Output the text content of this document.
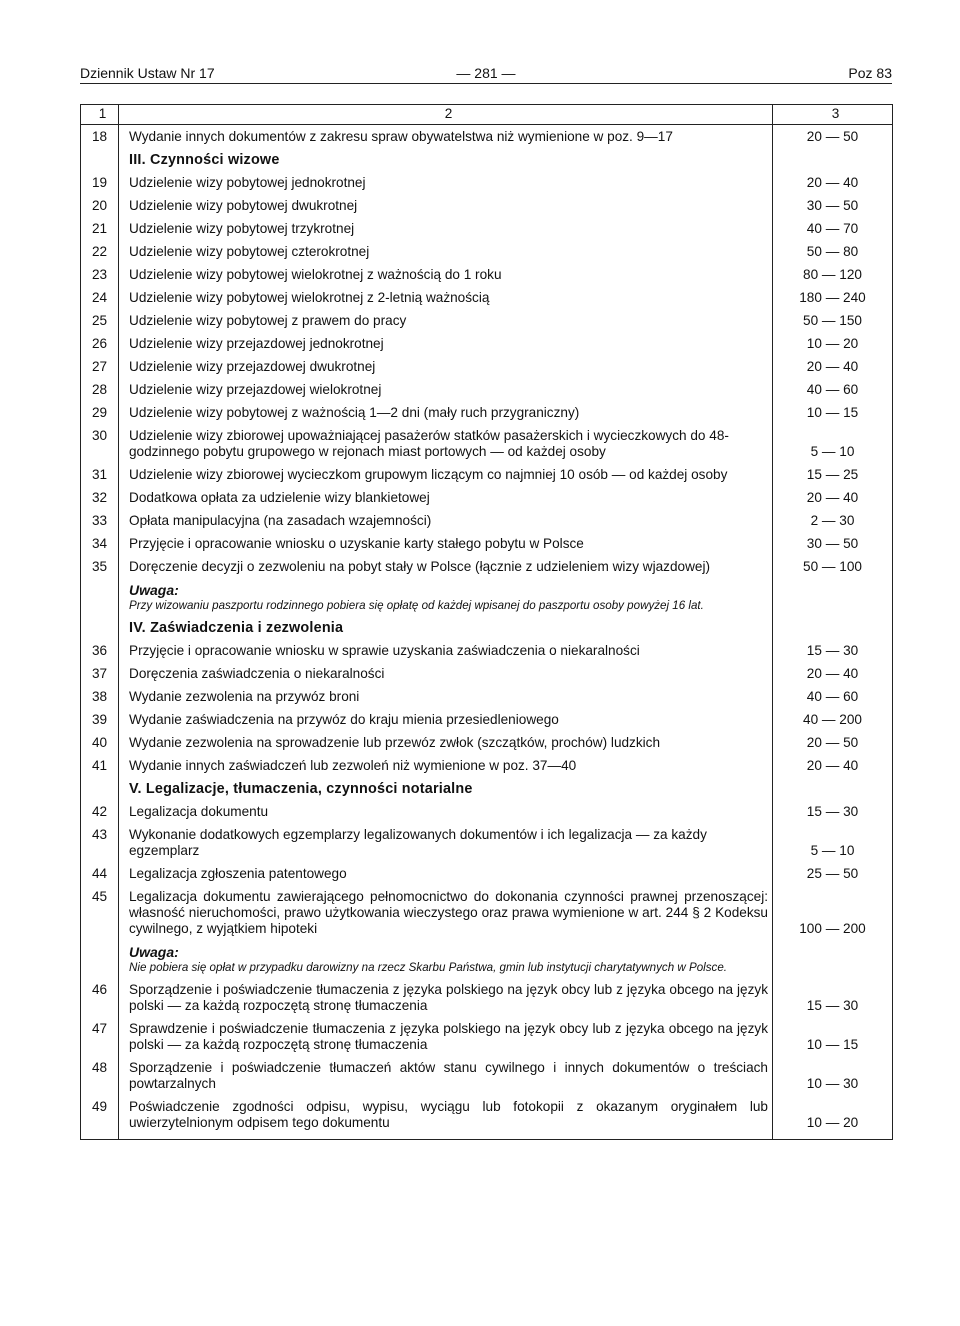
Dziennik Ustaw Nr 17	— 281 —	Poz 83
1	2	3
18	Wydanie innych dokumentów z zakresu spraw obywatelstwa niż wymienione w poz. 9—17	20 — 50
	III. Czynności wizowe	
19	Udzielenie wizy pobytowej jednokrotnej	20 — 40
20	Udzielenie wizy pobytowej dwukrotnej	30 — 50
21	Udzielenie wizy pobytowej trzykrotnej	40 — 70
22	Udzielenie wizy pobytowej czterokrotnej	50 — 80
23	Udzielenie wizy pobytowej wielokrotnej z ważnością do 1 roku	80 — 120
24	Udzielenie wizy pobytowej wielokrotnej z 2-letnią ważnością	180 — 240
25	Udzielenie wizy pobytowej z prawem do pracy	50 — 150
26	Udzielenie wizy przejazdowej jednokrotnej	10 — 20
27	Udzielenie wizy przejazdowej dwukrotnej	20 — 40
28	Udzielenie wizy przejazdowej wielokrotnej	40 — 60
29	Udzielenie wizy pobytowej z ważnością 1—2 dni (mały ruch przygraniczny)	10 — 15
30	Udzielenie wizy zbiorowej upoważniającej pasażerów statków pasażerskich i wycieczkowych do 48-godzinnego pobytu grupowego w rejonach miast portowych — od każdej osoby	5 — 10
31	Udzielenie wizy zbiorowej wycieczkom grupowym liczącym co najmniej 10 osób — od każdej osoby	15 — 25
32	Dodatkowa opłata za udzielenie wizy blankietowej	20 — 40
33	Opłata manipulacyjna (na zasadach wzajemności)	2 — 30
34	Przyjęcie i opracowanie wniosku o uzyskanie karty stałego pobytu w Polsce	30 — 50
35	Doręczenie decyzji o zezwoleniu na pobyt stały w Polsce (łącznie z udzieleniem wizy wjazdowej)	50 — 100

	Uwaga:
Przy wizowaniu paszportu rodzinnego pobiera się opłatę od każdej wpisanej do paszportu osoby powyżej 16 lat.	

	IV. Zaświadczenia i zezwolenia	
36	Przyjęcie i opracowanie wniosku w sprawie uzyskania zaświadczenia o niekaralności	15 — 30
37	Doręczenia zaświadczenia o niekaralności	20 — 40
38	Wydanie zezwolenia na przywóz broni	40 — 60
39	Wydanie zaświadczenia na przywóz do kraju mienia przesiedleniowego	40 — 200
40	Wydanie zezwolenia na sprowadzenie lub przewóz zwłok (szczątków, prochów) ludzkich	20 — 50
41	Wydanie innych zaświadczeń lub zezwoleń niż wymienione w poz. 37—40	20 — 40
	V. Legalizacje, tłumaczenia, czynności notarialne	
42	Legalizacja dokumentu	15 — 30
43	Wykonanie dodatkowych egzemplarzy legalizowanych dokumentów i ich legalizacja — za każdy egzemplarz	5 — 10
44	Legalizacja zgłoszenia patentowego	25 — 50
45	Legalizacja dokumentu zawierającego pełnomocnictwo do dokonania czynności prawnej przenoszącej: własność nieruchomości, prawo użytkowania wieczystego oraz prawa wymienione w art. 244 § 2 Kodeksu cywilnego, z wyjątkiem hipoteki	100 — 200

	Uwaga:
Nie pobiera się opłat w przypadku darowizny na rzecz Skarbu Państwa, gmin lub instytucji charytatywnych w Polsce.	

46	Sporządzenie i poświadczenie tłumaczenia z języka polskiego na język obcy lub z języka obcego na język polski — za każdą rozpoczętą stronę tłumaczenia	15 — 30
47	Sprawdzenie i poświadczenie tłumaczenia z języka polskiego na język obcy lub z języka obcego na język polski — za każdą rozpoczętą stronę tłumaczenia	10 — 15
48	Sporządzenie i poświadczenie tłumaczeń aktów stanu cywilnego i innych dokumentów o treściach powtarzalnych	10 — 30
49	Poświadczenie zgodności odpisu, wypisu, wyciągu lub fotokopii z okazanym oryginałem lub uwierzytelnionym odpisem tego dokumentu	10 — 20
